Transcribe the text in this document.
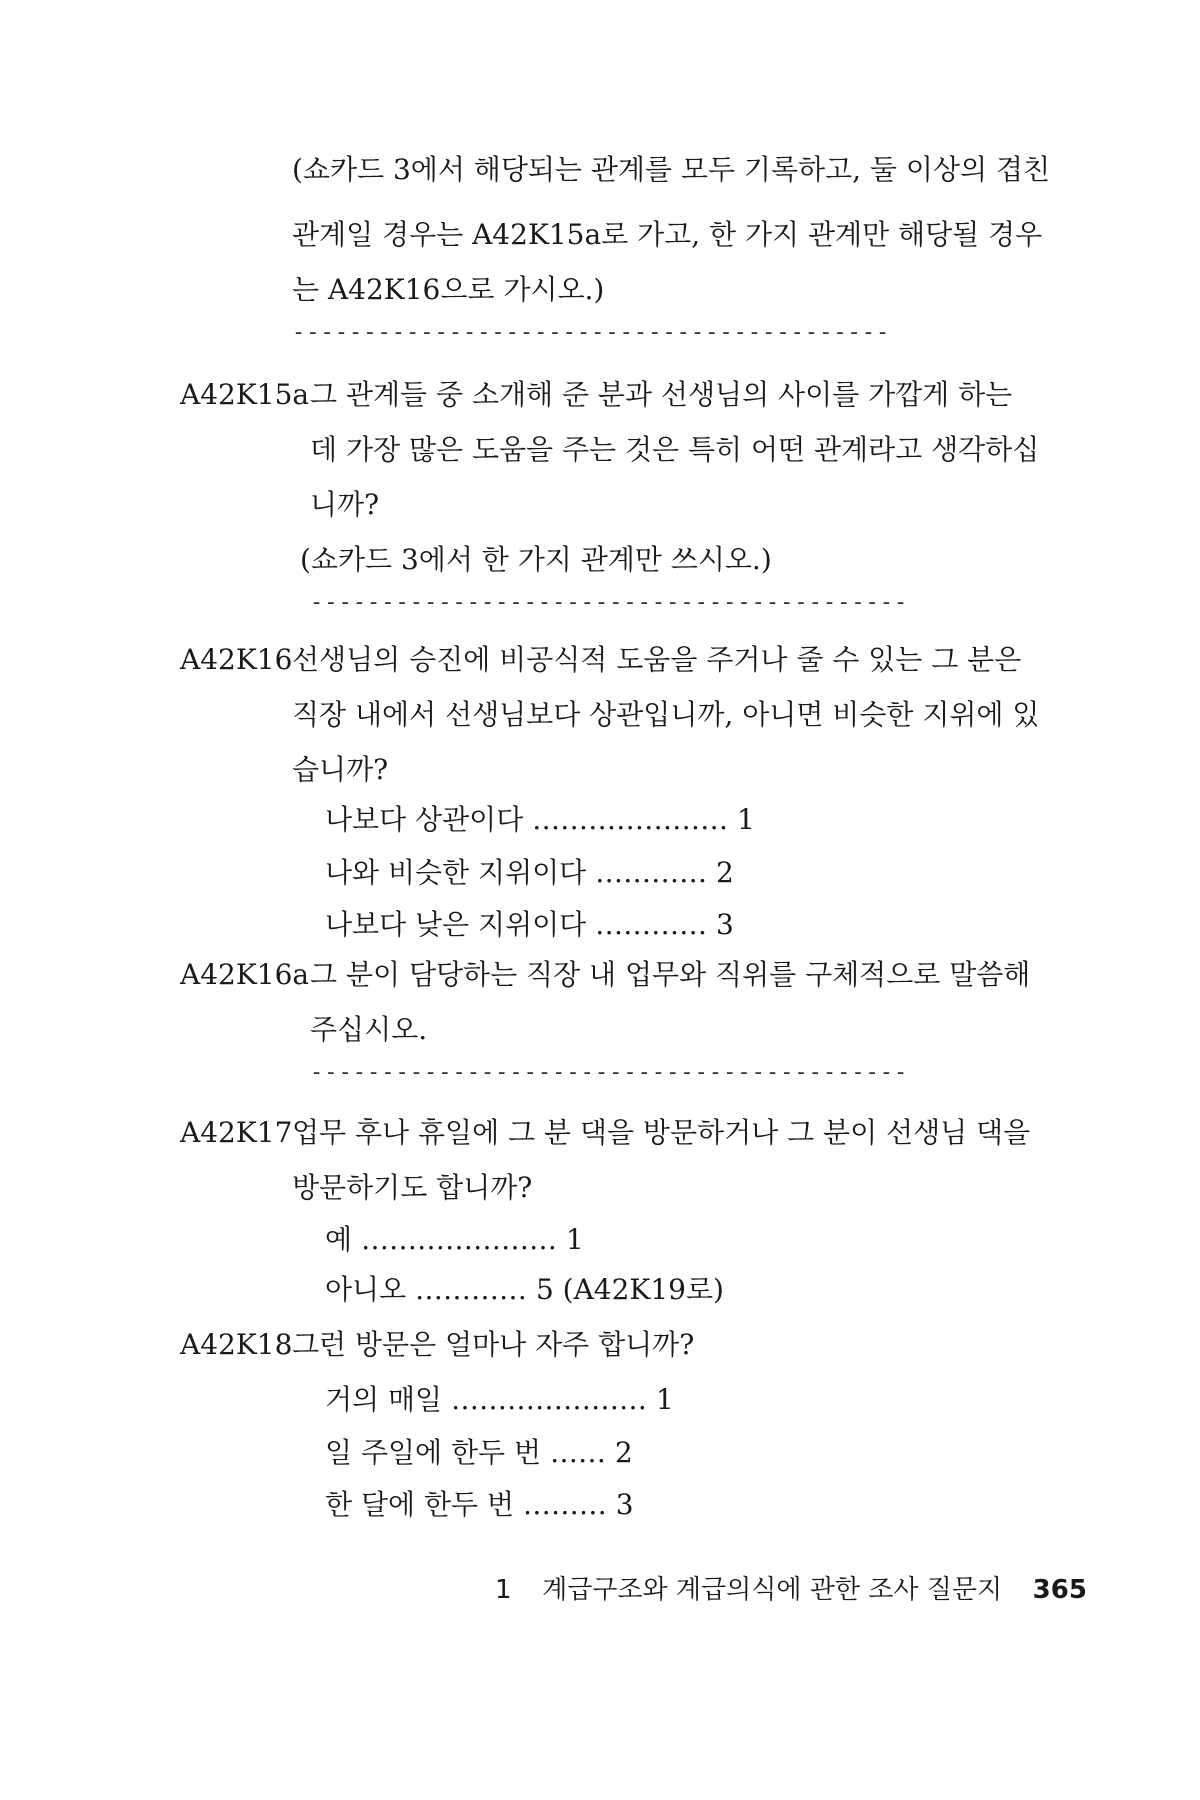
(쇼카드 3에서 해당되는 관계를 모두 기록하고, 둘 이상의 겹친
관계일 경우는 A42K15a로 가고, 한 가지 관계만 해당될 경우
는 A42K16으로 가시오.)
------------------------------------------
A42K15a 그 관계들 중 소개해 준 분과 선생님의 사이를 가깝게 하는
데 가장 많은 도움을 주는 것은 특히 어떤 관계라고 생각하십
니까?
(쇼카드 3에서 한 가지 관계만 쓰시오.)
------------------------------------------
A42K16 선생님의 승진에 비공식적 도움을 주거나 줄 수 있는 그 분은
직장 내에서 선생님보다 상관입니까, 아니면 비슷한 지위에 있
습니까?
나보다 상관이다 ………………… 1
나와 비슷한 지위이다 ………… 2
나보다 낮은 지위이다 ………… 3
A42K16a 그 분이 담당하는 직장 내 업무와 직위를 구체적으로 말씀해
주십시오.
------------------------------------------
A42K17 업무 후나 휴일에 그 분 댁을 방문하거나 그 분이 선생님 댁을
방문하기도 합니까?
예 ………………… 1
아니오 ………… 5 (A42K19로)
A42K18 그런 방문은 얼마나 자주 합니까?
거의 매일 ………………… 1
일 주일에 한두 번 …… 2
한 달에 한두 번 ……… 3
1 계급구조와 계급의식에 관한 조사 질문지 365
